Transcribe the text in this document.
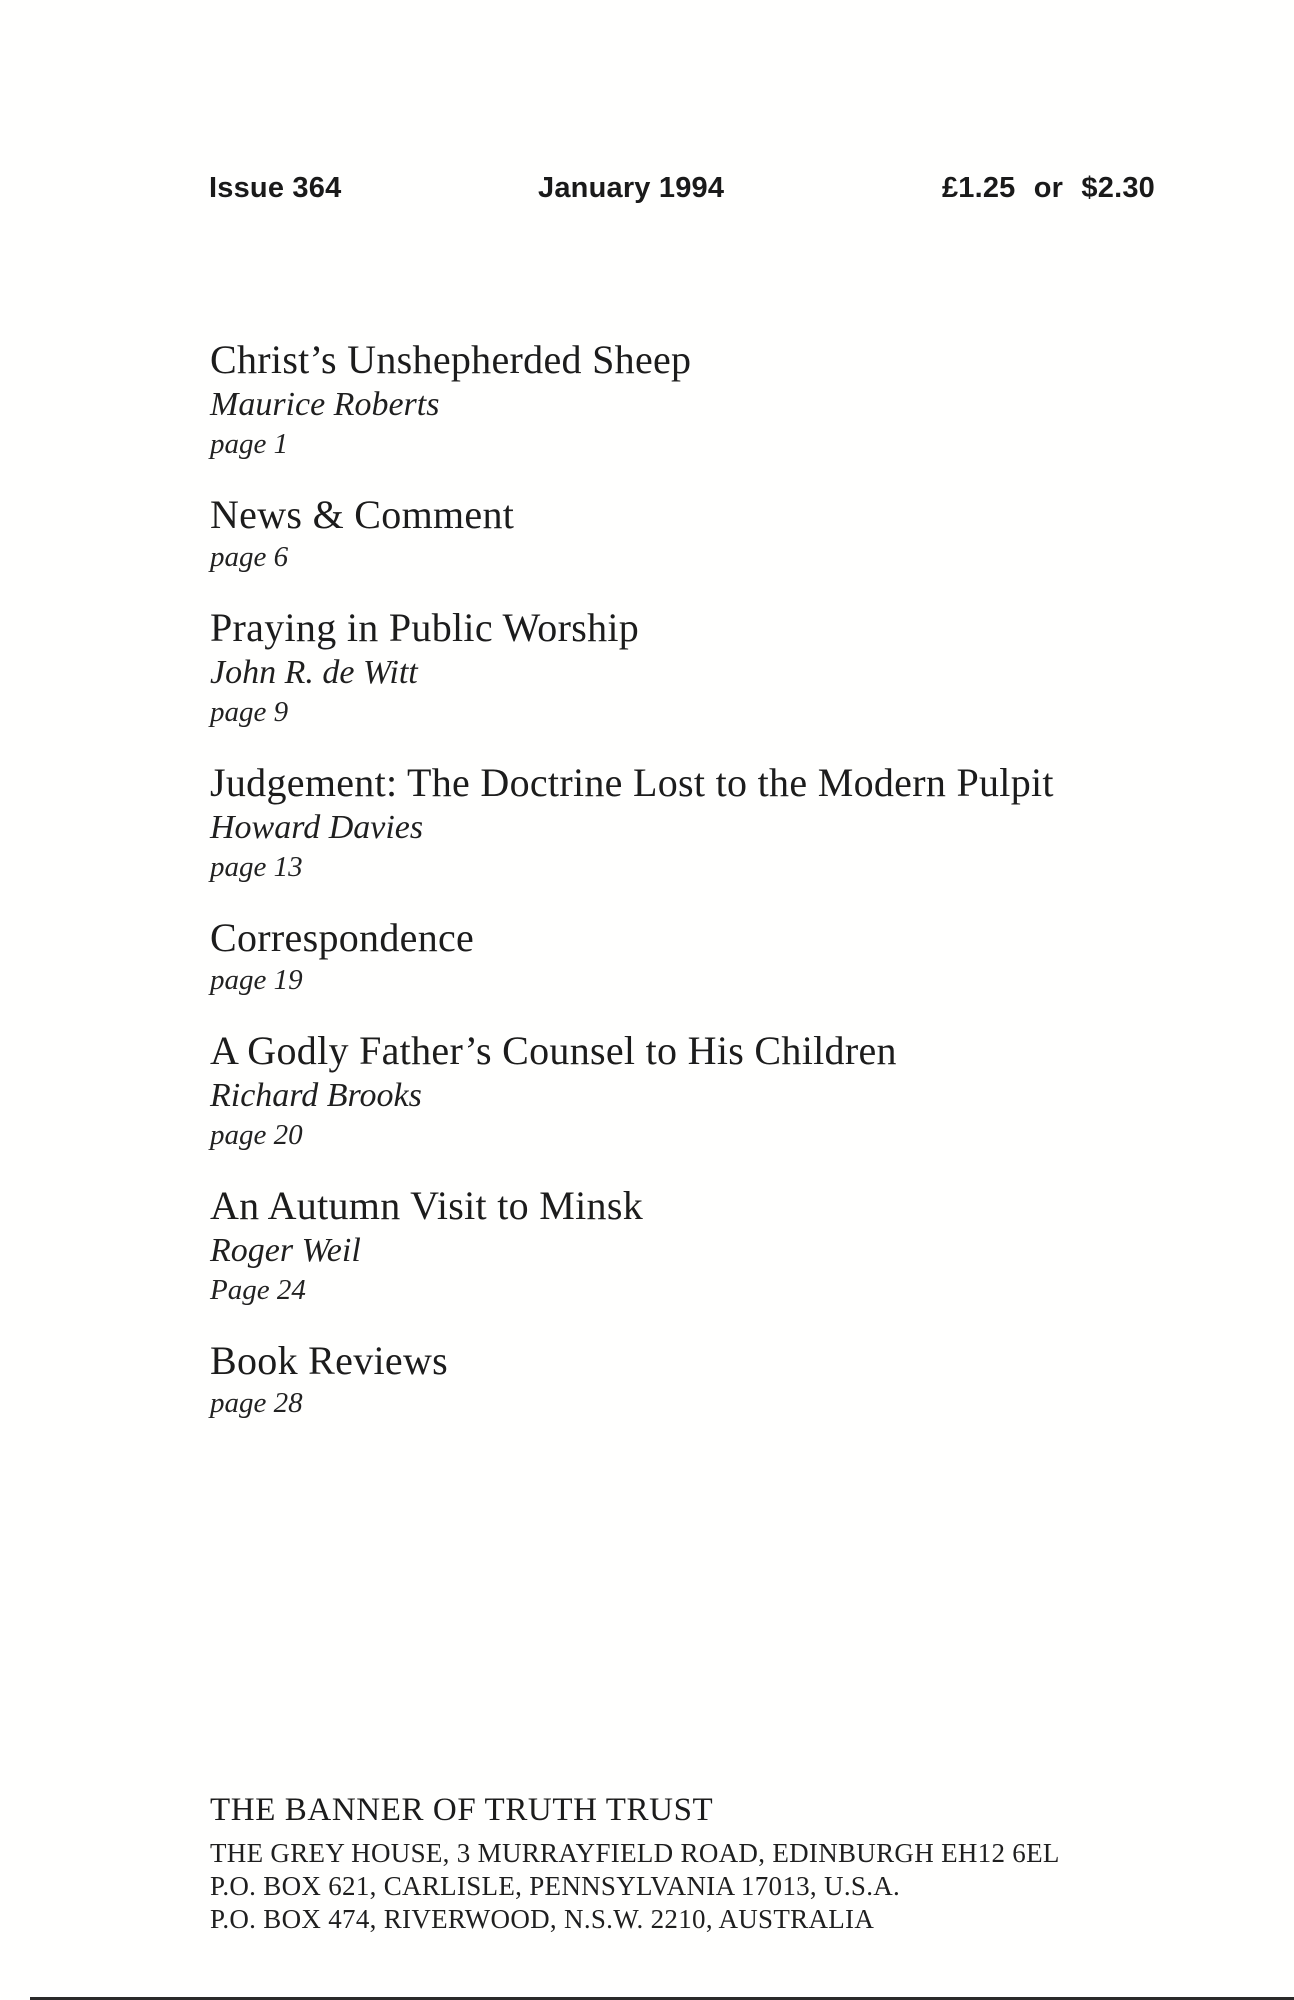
Issue 364	January 1994	£1.25 or $2.30
Christ’s Unshepherded Sheep
Maurice Roberts
page 1
News & Comment
page 6
Praying in Public Worship
John R. de Witt
page 9
Judgement: The Doctrine Lost to the Modern Pulpit
Howard Davies
page 13
Correspondence
page 19
A Godly Father’s Counsel to His Children
Richard Brooks
page 20
An Autumn Visit to Minsk
Roger Weil
Page 24
Book Reviews
page 28
THE BANNER OF TRUTH TRUST
THE GREY HOUSE, 3 MURRAYFIELD ROAD, EDINBURGH EH12 6EL
P.O. BOX 621, CARLISLE, PENNSYLVANIA 17013, U.S.A.
P.O. BOX 474, RIVERWOOD, N.S.W. 2210, AUSTRALIA
